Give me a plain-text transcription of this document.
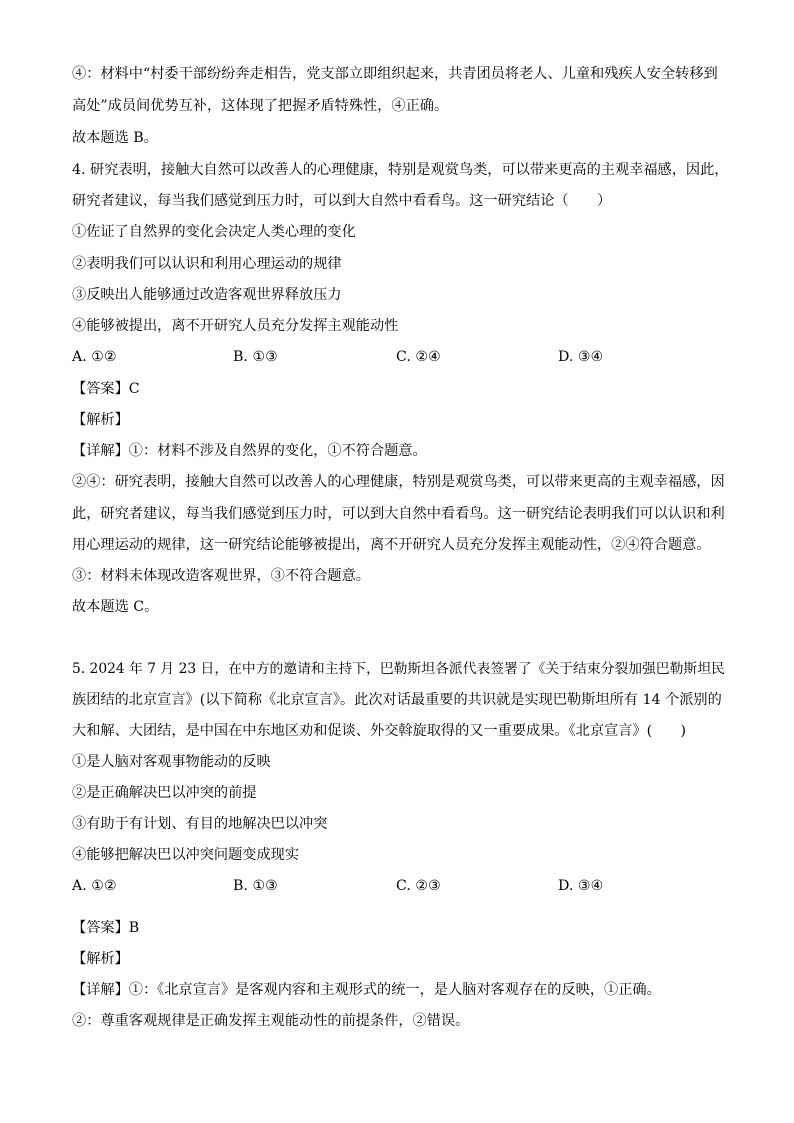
④：材料中“村委干部纷纷奔走相告，党支部立即组织起来，共青团员将老人、儿童和残疾人安全转移到
高处”成员间优势互补，这体现了把握矛盾特殊性，④正确。
故本题选 B。
4. 研究表明，接触大自然可以改善人的心理健康，特别是观赏鸟类，可以带来更高的主观幸福感，因此，
研究者建议，每当我们感觉到压力时，可以到大自然中看看鸟。这一研究结论（　　）
①佐证了自然界的变化会决定人类心理的变化
②表明我们可以认识和利用心理运动的规律
③反映出人能够通过改造客观世界释放压力
④能够被提出，离不开研究人员充分发挥主观能动性
A. ①②	B. ①③	C. ②④	D. ③④
【答案】C
【解析】
【详解】①：材料不涉及自然界的变化，①不符合题意。
②④：研究表明，接触大自然可以改善人的心理健康，特别是观赏鸟类，可以带来更高的主观幸福感，因
此，研究者建议，每当我们感觉到压力时，可以到大自然中看看鸟。这一研究结论表明我们可以认识和利
用心理运动的规律，这一研究结论能够被提出，离不开研究人员充分发挥主观能动性，②④符合题意。
③：材料未体现改造客观世界，③不符合题意。
故本题选 C。
5. 2024 年 7 月 23 日，在中方的邀请和主持下，巴勒斯坦各派代表签署了《关于结束分裂加强巴勒斯坦民
族团结的北京宣言》(以下简称《北京宣言》。此次对话最重要的共识就是实现巴勒斯坦所有 14 个派别的
大和解、大团结，是中国在中东地区劝和促谈、外交斡旋取得的又一重要成果。《北京宣言》(　　)
①是人脑对客观事物能动的反映
②是正确解决巴以冲突的前提
③有助于有计划、有目的地解决巴以冲突
④能够把解决巴以冲突问题变成现实
A. ①②	B. ①③	C. ②③	D. ③④
【答案】B
【解析】
【详解】①：《北京宣言》是客观内容和主观形式的统一，是人脑对客观存在的反映，①正确。
②：尊重客观规律是正确发挥主观能动性的前提条件，②错误。
